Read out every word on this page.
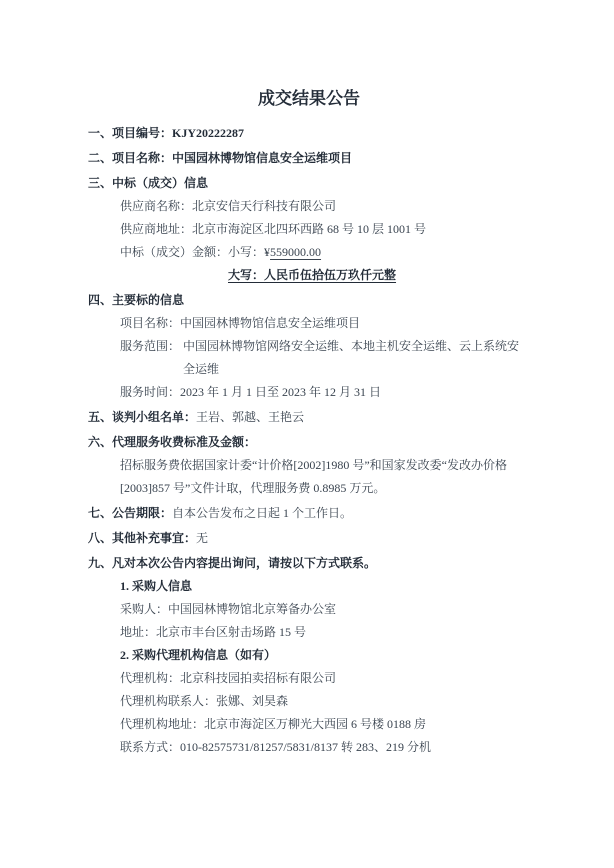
成交结果公告

一、项目编号：KJY20222287

二、项目名称：中国园林博物馆信息安全运维项目

三、中标（成交）信息

供应商名称：北京安信天行科技有限公司

供应商地址：北京市海淀区北四环西路 68 号 10 层 1001 号

中标（成交）金额：小写：¥559000.00

大写：人民币伍拾伍万玖仟元整

四、主要标的信息

项目名称：中国园林博物馆信息安全运维项目

服务范围： 中国园林博物馆网络安全运维、本地主机安全运维、云上系统安全运维

服务时间：2023 年 1 月 1 日至 2023 年 12 月 31 日

五、谈判小组名单：王岩、郭越、王艳云

六、代理服务收费标准及金额：

招标服务费依据国家计委“计价格[2002]1980 号”和国家发改委“发改办价格[2003]857 号”文件计取，代理服务费 0.8985 万元。

七、公告期限：自本公告发布之日起 1 个工作日。

八、其他补充事宜：无

九、凡对本次公告内容提出询问，请按以下方式联系。

1. 采购人信息

采购人：中国园林博物馆北京筹备办公室

地址：北京市丰台区射击场路 15 号

2. 采购代理机构信息（如有）

代理机构：北京科技园拍卖招标有限公司

代理机构联系人：张娜、刘昊森

代理机构地址：北京市海淀区万柳光大西园 6 号楼 0188 房

联系方式：010-82575731/81257/5831/8137 转 283、219 分机
